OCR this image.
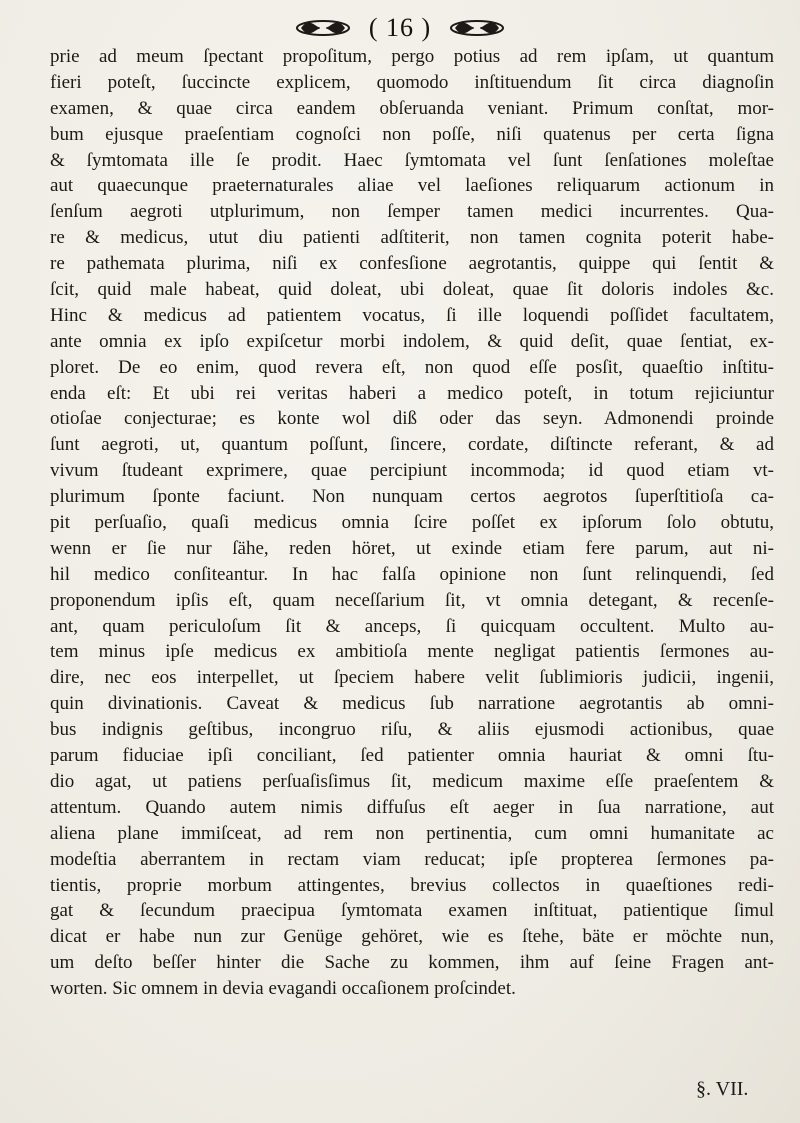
( 16 )
prie ad meum ſpectant propoſitum, pergo potius ad rem ipſam, ut quantum
fieri poteſt, ſuccincte explicem, quomodo inſtituendum ſit circa diagnoſin
examen, & quae circa eandem obſeruanda veniant. Primum conſtat, mor-
bum ejusque praeſentiam cognoſci non poſſe, niſi quatenus per certa ſigna
& ſymtomata ille ſe prodit. Haec ſymtomata vel ſunt ſenſationes moleſtae
aut quaecunque praeternaturales aliae vel laeſiones reliquarum actionum in
ſenſum aegroti utplurimum, non ſemper tamen medici incurrentes. Qua-
re & medicus, utut diu patienti adſtiterit, non tamen cognita poterit habe-
re pathemata plurima, niſi ex confesſione aegrotantis, quippe qui ſentit &
ſcit, quid male habeat, quid doleat, ubi doleat, quae ſit doloris indoles &c.
Hinc & medicus ad patientem vocatus, ſi ille loquendi poſſidet facultatem,
ante omnia ex ipſo expiſcetur morbi indolem, & quid deſit, quae ſentiat, ex-
ploret. De eo enim, quod revera eſt, non quod eſſe posſit, quaeſtio inſtitu-
enda eſt: Et ubi rei veritas haberi a medico poteſt, in totum rejiciuntur
otioſae conjecturae; es konte wol diß oder das seyn. Admonendi proinde
ſunt aegroti, ut, quantum poſſunt, ſincere, cordate, diſtincte referant, & ad
vivum ſtudeant exprimere, quae percipiunt incommoda; id quod etiam vt-
plurimum ſponte faciunt. Non nunquam certos aegrotos ſuperſtitioſa ca-
pit perſuaſio, quaſi medicus omnia ſcire poſſet ex ipſorum ſolo obtutu,
wenn er ſie nur ſähe, reden höret, ut exinde etiam fere parum, aut ni-
hil medico conſiteantur. In hac falſa opinione non ſunt relinquendi, ſed
proponendum ipſis eſt, quam neceſſarium ſit, vt omnia detegant, & recenſe-
ant, quam periculoſum ſit & anceps, ſi quicquam occultent. Multo au-
tem minus ipſe medicus ex ambitioſa mente negligat patientis ſermones au-
dire, nec eos interpellet, ut ſpeciem habere velit ſublimioris judicii, ingenii,
quin divinationis. Caveat & medicus ſub narratione aegrotantis ab omni-
bus indignis geſtibus, incongruo riſu, & aliis ejusmodi actionibus, quae
parum fiduciae ipſi conciliant, ſed patienter omnia hauriat & omni ſtu-
dio agat, ut patiens perſuaſisſimus ſit, medicum maxime eſſe praeſentem &
attentum. Quando autem nimis diffuſus eſt aeger in ſua narratione, aut
aliena plane immiſceat, ad rem non pertinentia, cum omni humanitate ac
modeſtia aberrantem in rectam viam reducat; ipſe propterea ſermones pa-
tientis, proprie morbum attingentes, brevius collectos in quaeſtiones redi-
gat & ſecundum praecipua ſymtomata examen inſtituat, patientique ſimul
dicat er habe nun zur Genüge gehöret, wie es ſtehe, bäte er möchte nun,
um deſto beſſer hinter die Sache zu kommen, ihm auf ſeine Fragen ant-
worten. Sic omnem in devia evagandi occaſionem proſcindet.
§. VII.
